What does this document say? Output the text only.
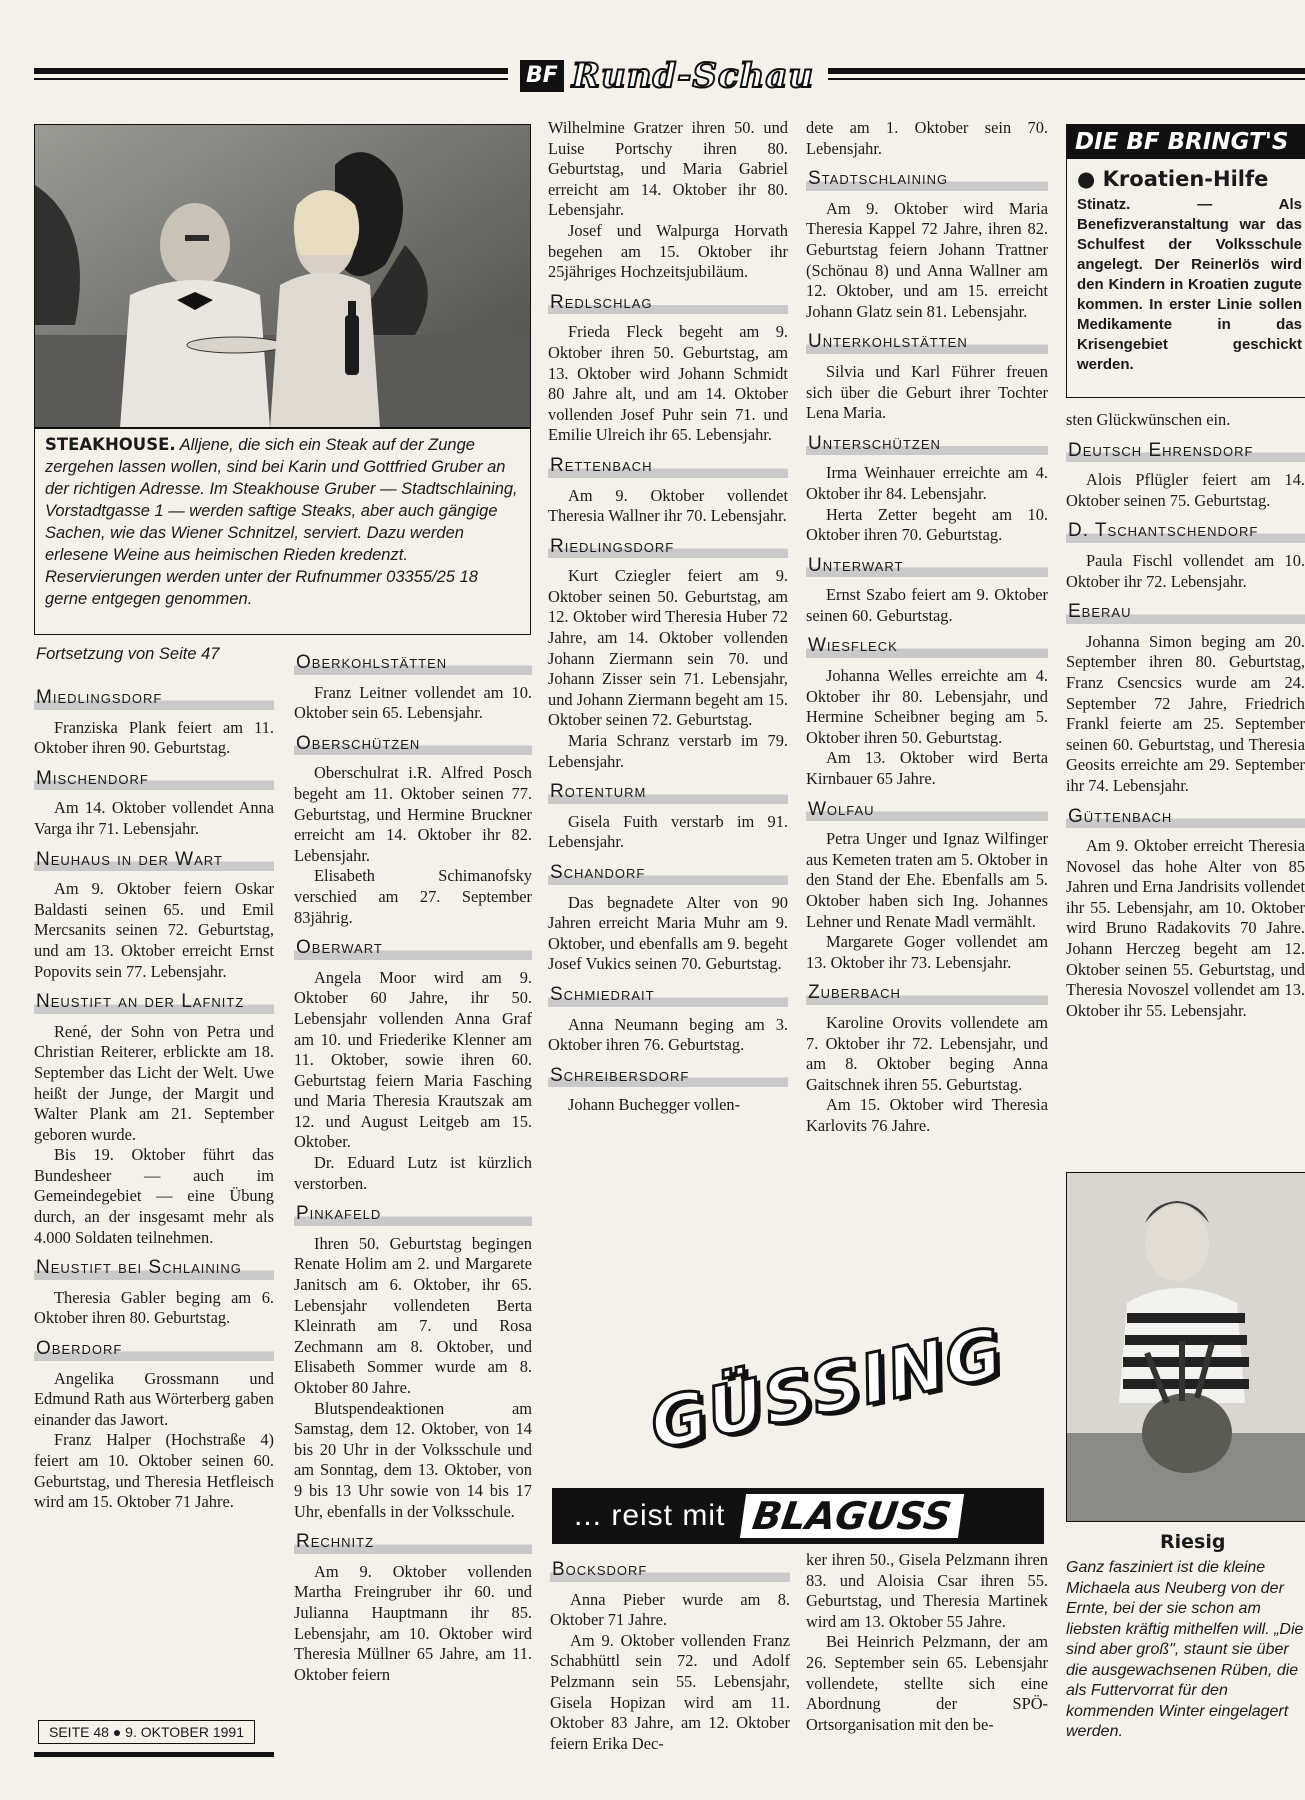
BF Rund-Schau
STEAKHOUSE. Alljene, die sich ein Steak auf der Zunge zergehen lassen wollen, sind bei Karin und Gottfried Gruber an der richtigen Adresse. Im Steakhouse Gruber — Stadtschlaining, Vorstadtgasse 1 — werden saftige Steaks, aber auch gängige Sachen, wie das Wiener Schnitzel, serviert. Dazu werden erlesene Weine aus heimischen Rieden kredenzt. Reservierungen werden unter der Rufnummer 03355/25 18 gerne entgegen genommen.
Fortsetzung von Seite 47
Miedlingsdorf

Franziska Plank feiert am 11. Oktober ihren 90. Geburtstag.

Mischendorf

Am 14. Oktober vollendet Anna Varga ihr 71. Lebensjahr.

Neuhaus in der Wart

Am 9. Oktober feiern Oskar Baldasti seinen 65. und Emil Mercsanits seinen 72. Geburtstag, und am 13. Oktober erreicht Ernst Popovits sein 77. Lebensjahr.

Neustift an der Lafnitz

René, der Sohn von Petra und Christian Reiterer, erblickte am 18. September das Licht der Welt. Uwe heißt der Junge, der Margit und Walter Plank am 21. September geboren wurde.

Bis 19. Oktober führt das Bundesheer — auch im Gemeindegebiet — eine Übung durch, an der insgesamt mehr als 4.000 Soldaten teilnehmen.

Neustift bei Schlaining

Theresia Gabler beging am 6. Oktober ihren 80. Geburtstag.

Oberdorf

Angelika Grossmann und Edmund Rath aus Wörterberg gaben einander das Jawort.

Franz Halper (Hochstraße 4) feiert am 10. Oktober seinen 60. Geburtstag, und Theresia Hetfleisch wird am 15. Oktober 71 Jahre.

Oberkohlstätten

Franz Leitner vollendet am 10. Oktober sein 65. Lebensjahr.

Oberschützen

Oberschulrat i.R. Alfred Posch begeht am 11. Oktober seinen 77. Geburtstag, und Hermine Bruckner erreicht am 14. Oktober ihr 82. Lebensjahr.

Elisabeth Schimanofsky verschied am 27. September 83jährig.

Oberwart

Angela Moor wird am 9. Oktober 60 Jahre, ihr 50. Lebensjahr vollenden Anna Graf am 10. und Friederike Klenner am 11. Oktober, sowie ihren 60. Geburtstag feiern Maria Fasching und Maria Theresia Krautszak am 12. und August Leitgeb am 15. Oktober.

Dr. Eduard Lutz ist kürzlich verstorben.

Pinkafeld

Ihren 50. Geburtstag begingen Renate Holim am 2. und Margarete Janitsch am 6. Oktober, ihr 65. Lebensjahr vollendeten Berta Kleinrath am 7. und Rosa Zechmann am 8. Oktober, und Elisabeth Sommer wurde am 8. Oktober 80 Jahre.

Blutspendeaktionen am Samstag, dem 12. Oktober, von 14 bis 20 Uhr in der Volksschule und am Sonntag, dem 13. Oktober, von 9 bis 13 Uhr sowie von 14 bis 17 Uhr, ebenfalls in der Volksschule.

Rechnitz

Am 9. Oktober vollenden Martha Freingruber ihr 60. und Julianna Hauptmann ihr 85. Lebensjahr, am 10. Oktober wird Theresia Müllner 65 Jahre, am 11. Oktober feiern

Wilhelmine Gratzer ihren 50. und Luise Portschy ihren 80. Geburtstag, und Maria Gabriel erreicht am 14. Oktober ihr 80. Lebensjahr.

Josef und Walpurga Horvath begehen am 15. Oktober ihr 25jähriges Hochzeitsjubiläum.

Redlschlag

Frieda Fleck begeht am 9. Oktober ihren 50. Geburtstag, am 13. Oktober wird Johann Schmidt 80 Jahre alt, und am 14. Oktober vollenden Josef Puhr sein 71. und Emilie Ulreich ihr 65. Lebensjahr.

Rettenbach

Am 9. Oktober vollendet Theresia Wallner ihr 70. Lebensjahr.

Riedlingsdorf

Kurt Cziegler feiert am 9. Oktober seinen 50. Geburtstag, am 12. Oktober wird Theresia Huber 72 Jahre, am 14. Oktober vollenden Johann Ziermann sein 70. und Johann Zisser sein 71. Lebensjahr, und Johann Ziermann begeht am 15. Oktober seinen 72. Geburtstag.

Maria Schranz verstarb im 79. Lebensjahr.

Rotenturm

Gisela Fuith verstarb im 91. Lebensjahr.

Schandorf

Das begnadete Alter von 90 Jahren erreicht Maria Muhr am 9. Oktober, und ebenfalls am 9. begeht Josef Vukics seinen 70. Geburtstag.

Schmiedrait

Anna Neumann beging am 3. Oktober ihren 76. Geburtstag.

Schreibersdorf

Johann Buchegger vollen-

dete am 1. Oktober sein 70. Lebensjahr.

Stadtschlaining

Am 9. Oktober wird Maria Theresia Kappel 72 Jahre, ihren 82. Geburtstag feiern Johann Trattner (Schönau 8) und Anna Wallner am 12. Oktober, und am 15. erreicht Johann Glatz sein 81. Lebensjahr.

Unterkohlstätten

Silvia und Karl Führer freuen sich über die Geburt ihrer Tochter Lena Maria.

Unterschützen

Irma Weinhauer erreichte am 4. Oktober ihr 84. Lebensjahr.

Herta Zetter begeht am 10. Oktober ihren 70. Geburtstag.

Unterwart

Ernst Szabo feiert am 9. Oktober seinen 60. Geburtstag.

Wiesfleck

Johanna Welles erreichte am 4. Oktober ihr 80. Lebensjahr, und Hermine Scheibner beging am 5. Oktober ihren 50. Geburtstag.

Am 13. Oktober wird Berta Kirnbauer 65 Jahre.

Wolfau

Petra Unger und Ignaz Wilfinger aus Kemeten traten am 5. Oktober in den Stand der Ehe. Ebenfalls am 5. Oktober haben sich Ing. Johannes Lehner und Renate Madl vermählt.

Margarete Goger vollendet am 13. Oktober ihr 73. Lebensjahr.

Zuberbach

Karoline Orovits vollendete am 7. Oktober ihr 72. Lebensjahr, und am 8. Oktober beging Anna Gaitschnek ihren 55. Geburtstag.

Am 15. Oktober wird Theresia Karlovits 76 Jahre.

GÜSSING
... reist mit BLAGUSS
Bocksdorf

Anna Pieber wurde am 8. Oktober 71 Jahre.

Am 9. Oktober vollenden Franz Schabhüttl sein 72. und Adolf Pelzmann sein 55. Lebensjahr, Gisela Hopizan wird am 11. Oktober 83 Jahre, am 12. Oktober feiern Erika Dec-

ker ihren 50., Gisela Pelzmann ihren 83. und Aloisia Csar ihren 55. Geburtstag, und Theresia Martinek wird am 13. Oktober 55 Jahre.

Bei Heinrich Pelzmann, der am 26. September sein 65. Lebensjahr vollendete, stellte sich eine Abordnung der SPÖ-Ortsorganisation mit den be-

DIE BF BRINGT'S
● Kroatien-Hilfe
Stinatz. — Als Benefizveranstaltung war das Schulfest der Volksschule angelegt. Der Reinerlös wird den Kindern in Kroatien zugute kommen. In erster Linie sollen Medikamente in das Krisengebiet geschickt werden.

sten Glückwünschen ein.

Deutsch Ehrensdorf

Alois Pflügler feiert am 14. Oktober seinen 75. Geburtstag.

D. Tschantschendorf

Paula Fischl vollendet am 10. Oktober ihr 72. Lebensjahr.

Eberau

Johanna Simon beging am 20. September ihren 80. Geburtstag, Franz Csencsics wurde am 24. September 72 Jahre, Friedrich Frankl feierte am 25. September seinen 60. Geburtstag, und Theresia Geosits erreichte am 29. September ihr 74. Lebensjahr.

Güttenbach

Am 9. Oktober erreicht Theresia Novosel das hohe Alter von 85 Jahren und Erna Jandrisits vollendet ihr 55. Lebensjahr, am 10. Oktober wird Bruno Radakovits 70 Jahre. Johann Herczeg begeht am 12. Oktober seinen 55. Geburtstag, und Theresia Novoszel vollendet am 13. Oktober ihr 55. Lebensjahr.

Riesig
Ganz fasziniert ist die kleine Michaela aus Neuberg von der Ernte, bei der sie schon am liebsten kräftig mithelfen will. „Die sind aber groß", staunt sie über die ausgewachsenen Rüben, die als Futtervorrat für den kommenden Winter eingelagert werden.
SEITE 48 ● 9. OKTOBER 1991
